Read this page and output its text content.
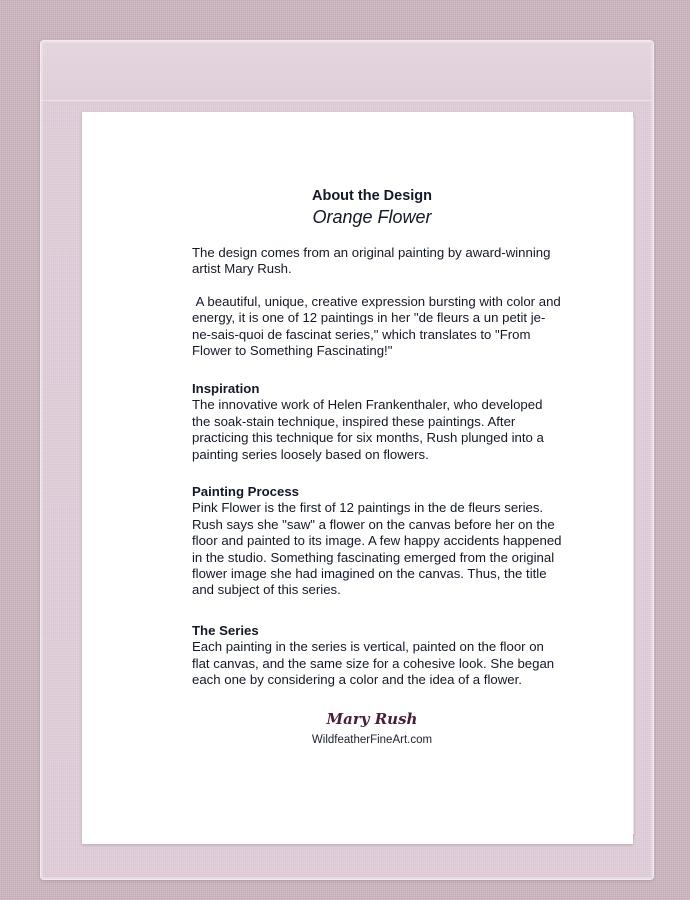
About the Design
Orange Flower

The design comes from an original painting by award-winning artist Mary Rush.

A beautiful, unique, creative expression bursting with color and energy, it is one of 12 paintings in her "de fleurs a un petit je-ne-sais-quoi de fascinat series," which translates to "From Flower to Something Fascinating!"

Inspiration
The innovative work of Helen Frankenthaler, who developed the soak-stain technique, inspired these paintings. After practicing this technique for six months, Rush plunged into a painting series loosely based on flowers.

Painting Process
Pink Flower is the first of 12 paintings in the de fleurs series. Rush says she "saw" a flower on the canvas before her on the floor and painted to its image. A few happy accidents happened in the studio. Something fascinating emerged from the original flower image she had imagined on the canvas. Thus, the title and subject of this series.

The Series
Each painting in the series is vertical, painted on the floor on flat canvas, and the same size for a cohesive look. She began each one by considering a color and the idea of a flower.

Mary Rush
WildfeatherFineArt.com
